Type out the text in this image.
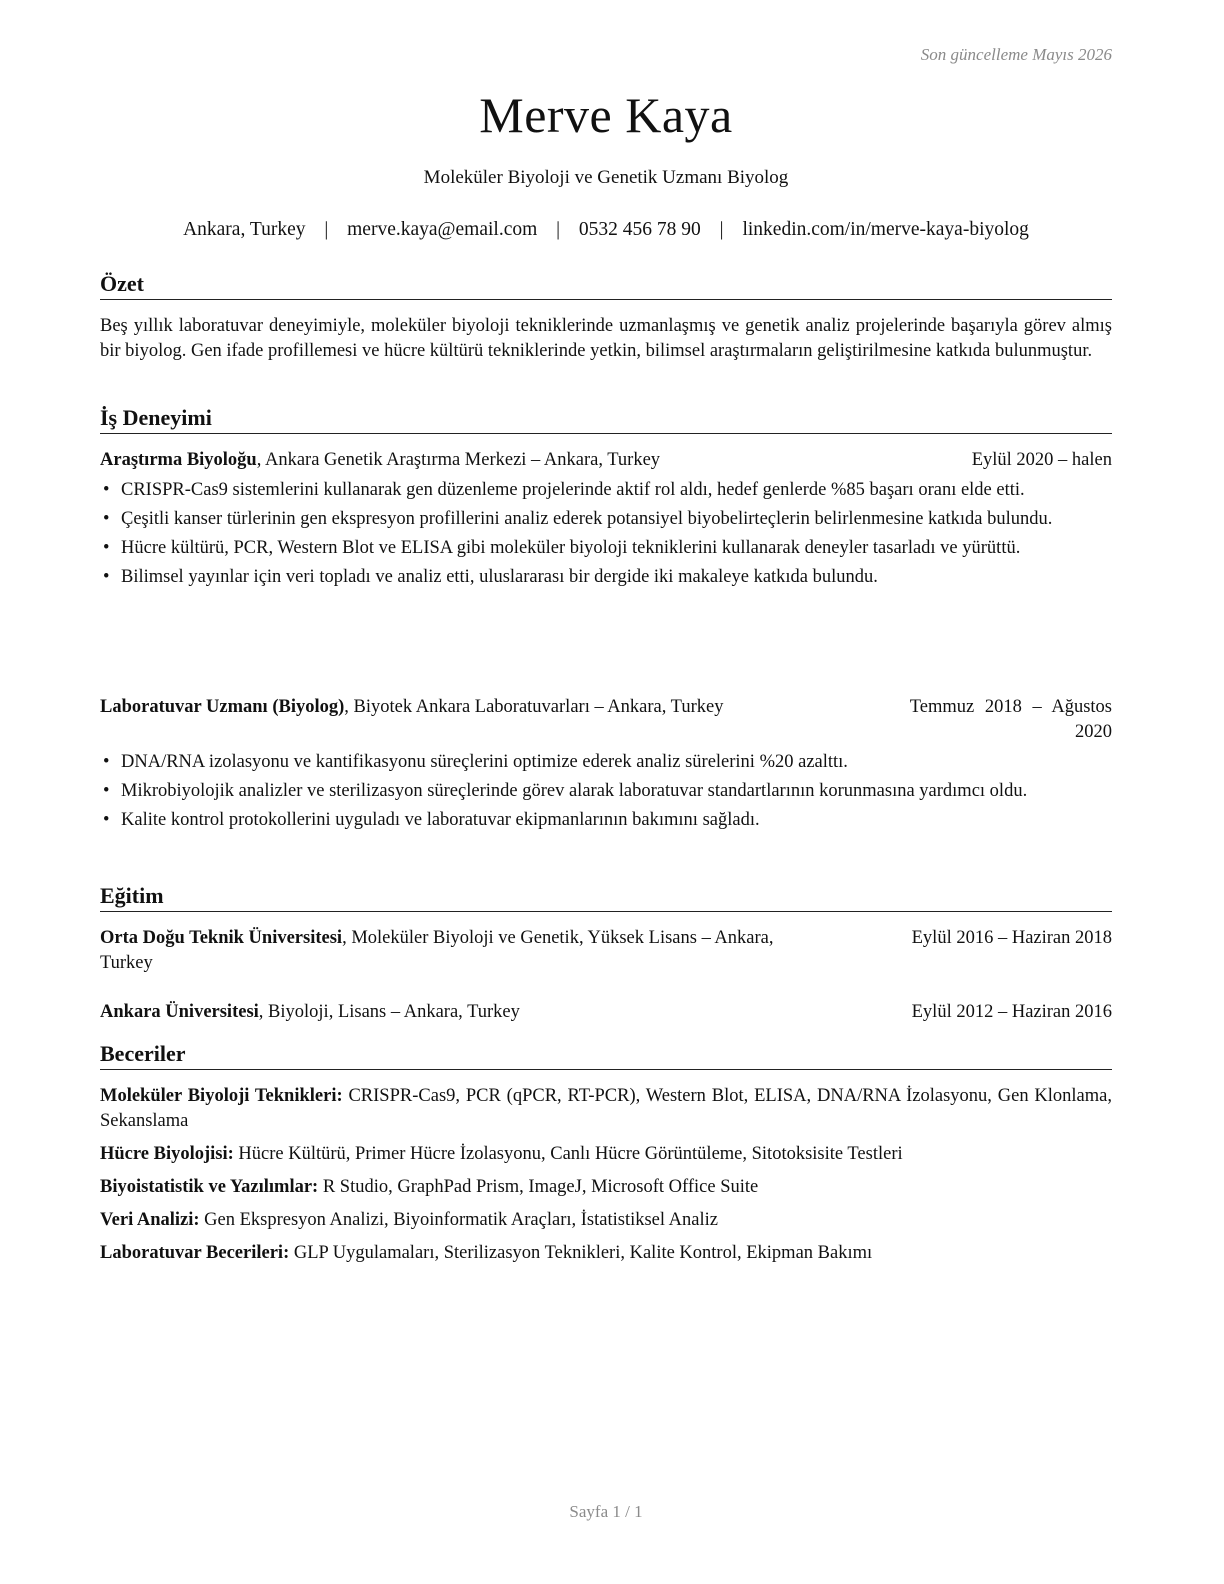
Son güncelleme Mayıs 2026
Merve Kaya
Moleküler Biyoloji ve Genetik Uzmanı Biyolog
Ankara, Turkey | merve.kaya@email.com | 0532 456 78 90 | linkedin.com/in/merve-kaya-biyolog
Özet
Beş yıllık laboratuvar deneyimiyle, moleküler biyoloji tekniklerinde uzmanlaşmış ve genetik analiz projelerinde başarıyla görev almış bir biyolog. Gen ifade profillemesi ve hücre kültürü tekniklerinde yetkin, bilimsel araştırmaların geliştirilmesine katkıda bulunmuştur.
İş Deneyimi
Araştırma Biyoloğu, Ankara Genetik Araştırma Merkezi – Ankara, Turkey	Eylül 2020 – halen
• CRISPR-Cas9 sistemlerini kullanarak gen düzenleme projelerinde aktif rol aldı, hedef genlerde %85 başarı oranı elde etti.
• Çeşitli kanser türlerinin gen ekspresyon profillerini analiz ederek potansiyel biyobelirteçlerin belirlenmesine katkıda bulundu.
• Hücre kültürü, PCR, Western Blot ve ELISA gibi moleküler biyoloji tekniklerini kullanarak deneyler tasarladı ve yürüttü.
• Bilimsel yayınlar için veri topladı ve analiz etti, uluslararası bir dergide iki makaleye katkıda bulundu.
Laboratuvar Uzmanı (Biyolog), Biyotek Ankara Laboratuvarları – Ankara, Turkey	Temmuz 2018 – Ağustos
2020
• DNA/RNA izolasyonu ve kantifikasyonu süreçlerini optimize ederek analiz sürelerini %20 azalttı.
• Mikrobiyolojik analizler ve sterilizasyon süreçlerinde görev alarak laboratuvar standartlarının korunmasına yardımcı oldu.
• Kalite kontrol protokollerini uyguladı ve laboratuvar ekipmanlarının bakımını sağladı.
Eğitim
Orta Doğu Teknik Üniversitesi, Moleküler Biyoloji ve Genetik, Yüksek Lisans – Ankara,
Turkey
Eylül 2016 – Haziran 2018
Ankara Üniversitesi, Biyoloji, Lisans – Ankara, Turkey	Eylül 2012 – Haziran 2016
Beceriler
Moleküler Biyoloji Teknikleri: CRISPR-Cas9, PCR (qPCR, RT-PCR), Western Blot, ELISA, DNA/RNA İzolasyonu, Gen Klonlama, Sekanslama
Hücre Biyolojisi: Hücre Kültürü, Primer Hücre İzolasyonu, Canlı Hücre Görüntüleme, Sitotoksisite Testleri
Biyoistatistik ve Yazılımlar: R Studio, GraphPad Prism, ImageJ, Microsoft Office Suite
Veri Analizi: Gen Ekspresyon Analizi, Biyoinformatik Araçları, İstatistiksel Analiz
Laboratuvar Becerileri: GLP Uygulamaları, Sterilizasyon Teknikleri, Kalite Kontrol, Ekipman Bakımı
Sayfa 1 / 1
